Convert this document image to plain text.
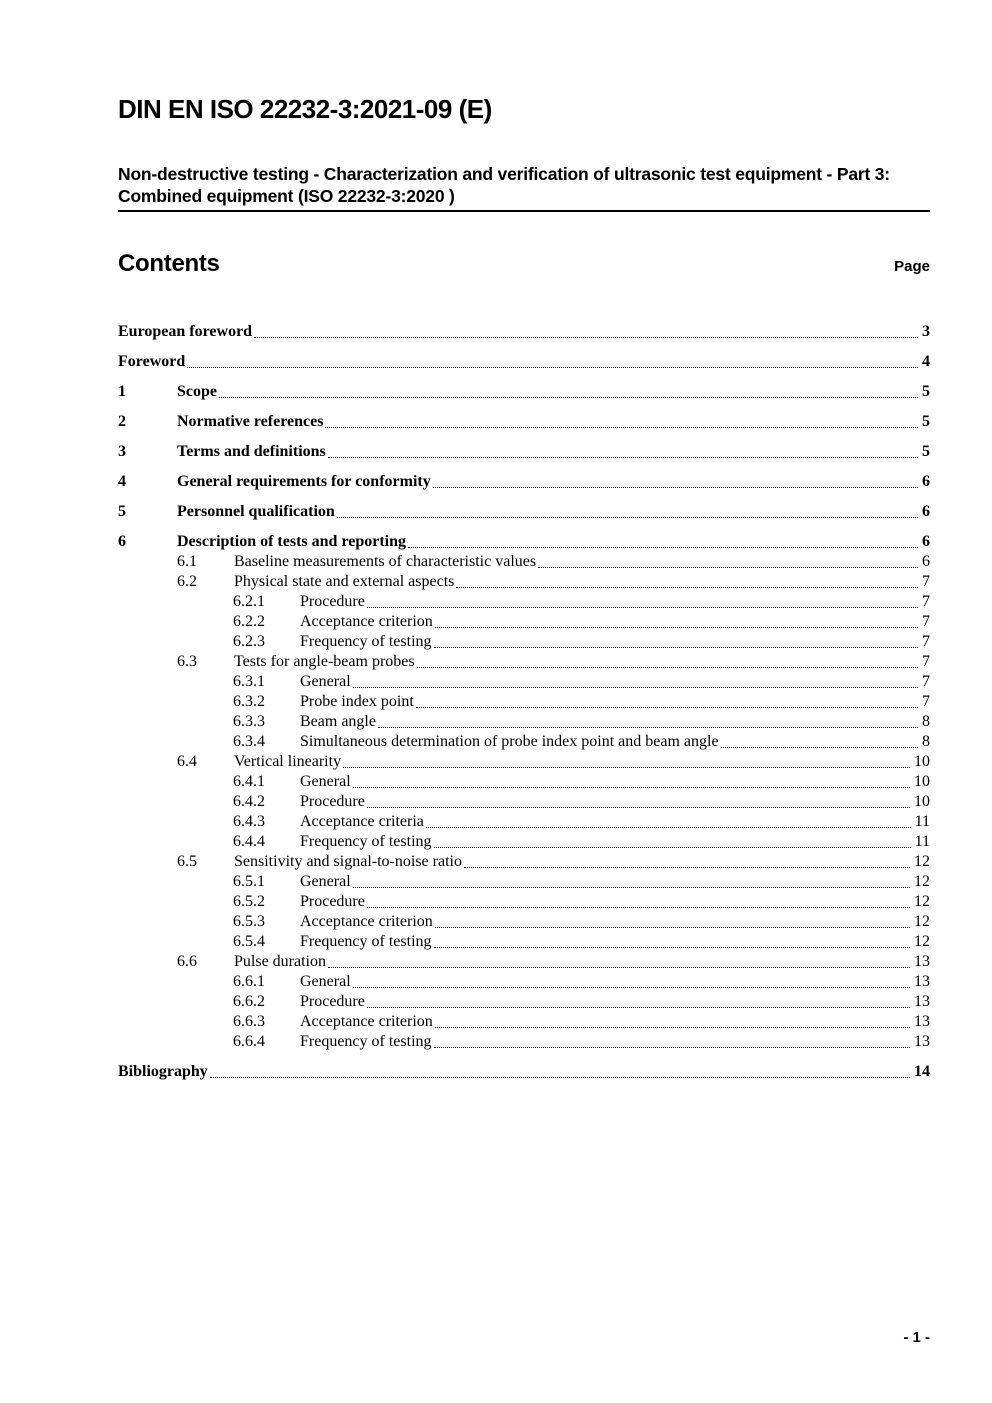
DIN EN ISO 22232-3:2021-09 (E)
Non-destructive testing - Characterization and verification of ultrasonic test equipment - Part 3: Combined equipment (ISO 22232-3:2020 )
Contents	Page
European foreword	3
Foreword	4
1	Scope	5
2	Normative references	5
3	Terms and definitions	5
4	General requirements for conformity	6
5	Personnel qualification	6
6	Description of tests and reporting	6
6.1	Baseline measurements of characteristic values	6
6.2	Physical state and external aspects	7
6.2.1	Procedure	7
6.2.2	Acceptance criterion	7
6.2.3	Frequency of testing	7
6.3	Tests for angle-beam probes	7
6.3.1	General	7
6.3.2	Probe index point	7
6.3.3	Beam angle	8
6.3.4	Simultaneous determination of probe index point and beam angle	8
6.4	Vertical linearity	10
6.4.1	General	10
6.4.2	Procedure	10
6.4.3	Acceptance criteria	11
6.4.4	Frequency of testing	11
6.5	Sensitivity and signal-to-noise ratio	12
6.5.1	General	12
6.5.2	Procedure	12
6.5.3	Acceptance criterion	12
6.5.4	Frequency of testing	12
6.6	Pulse duration	13
6.6.1	General	13
6.6.2	Procedure	13
6.6.3	Acceptance criterion	13
6.6.4	Frequency of testing	13
Bibliography	14
- 1 -
